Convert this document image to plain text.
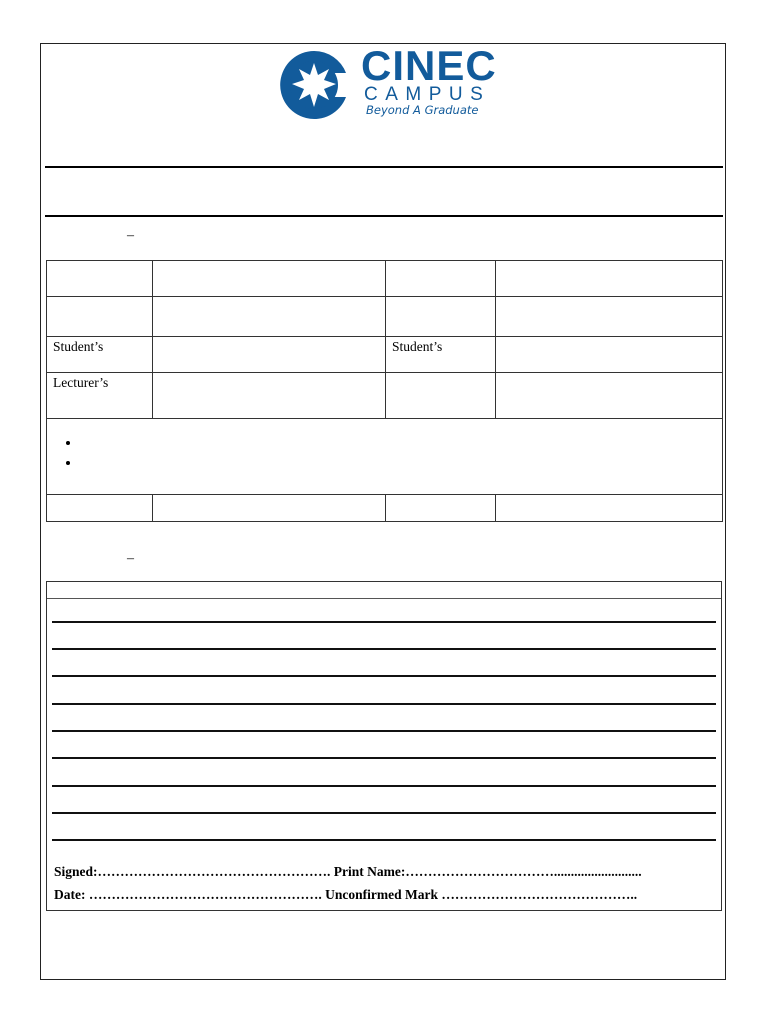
CINEC
CAMPUS
Beyond A Graduate
–

Student’s		Student’s	
Lecturer’s			

•
•

–
Signed:……………………………………………. Print Name:……………………………..........................
Date: ……………………………………………. Unconfirmed Mark ……………………………………..
